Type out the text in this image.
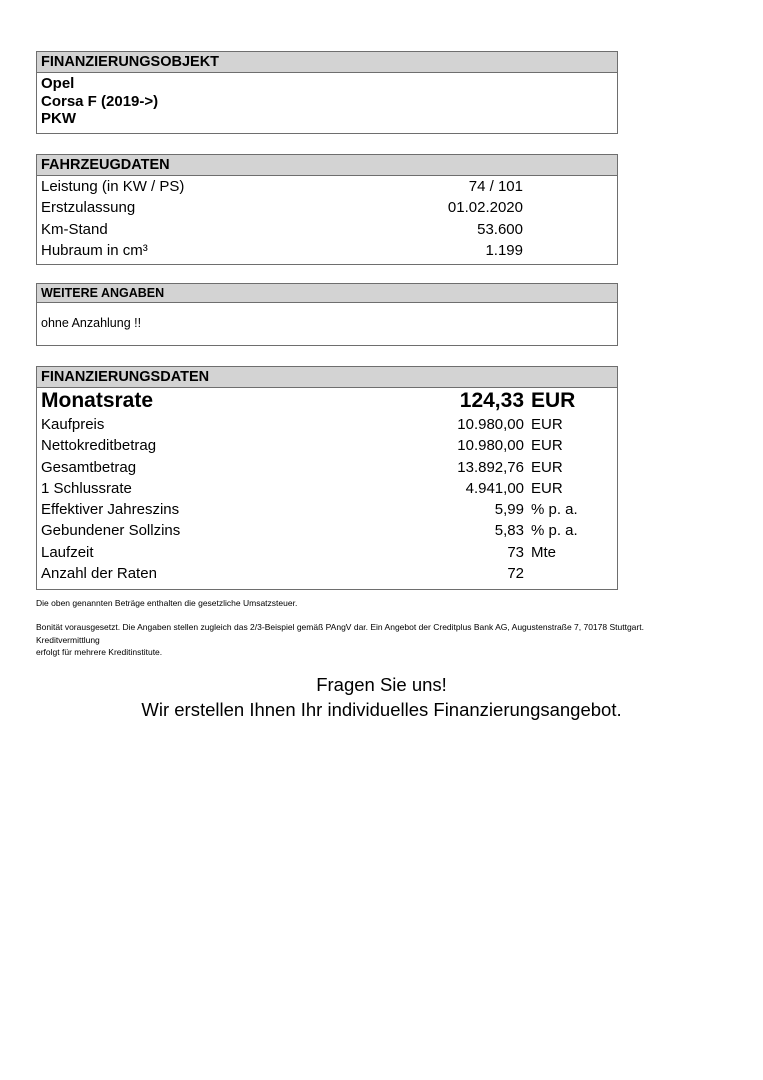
FINANZIERUNGSOBJEKT
Opel
Corsa F (2019->)
PKW
FAHRZEUGDATEN
Leistung (in KW / PS)	74 / 101
Erstzulassung	01.02.2020
Km-Stand	53.600
Hubraum in cm³	1.199
WEITERE ANGABEN
ohne Anzahlung !!
FINANZIERUNGSDATEN
Monatsrate	124,33 EUR
Kaufpreis	10.980,00 EUR
Nettokreditbetrag	10.980,00 EUR
Gesamtbetrag	13.892,76 EUR
1 Schlussrate	4.941,00 EUR
Effektiver Jahreszins	5,99 % p. a.
Gebundener Sollzins	5,83 % p. a.
Laufzeit	73 Mte
Anzahl der Raten	72
Die oben genannten Beträge enthalten die gesetzliche Umsatzsteuer.
Bonität vorausgesetzt. Die Angaben stellen zugleich das 2/3-Beispiel gemäß PAngV dar. Ein Angebot der Creditplus Bank AG, Augustenstraße 7, 70178 Stuttgart.
Kreditvermittlung
erfolgt für mehrere Kreditinstitute.
Fragen Sie uns!
Wir erstellen Ihnen Ihr individuelles Finanzierungsangebot.
